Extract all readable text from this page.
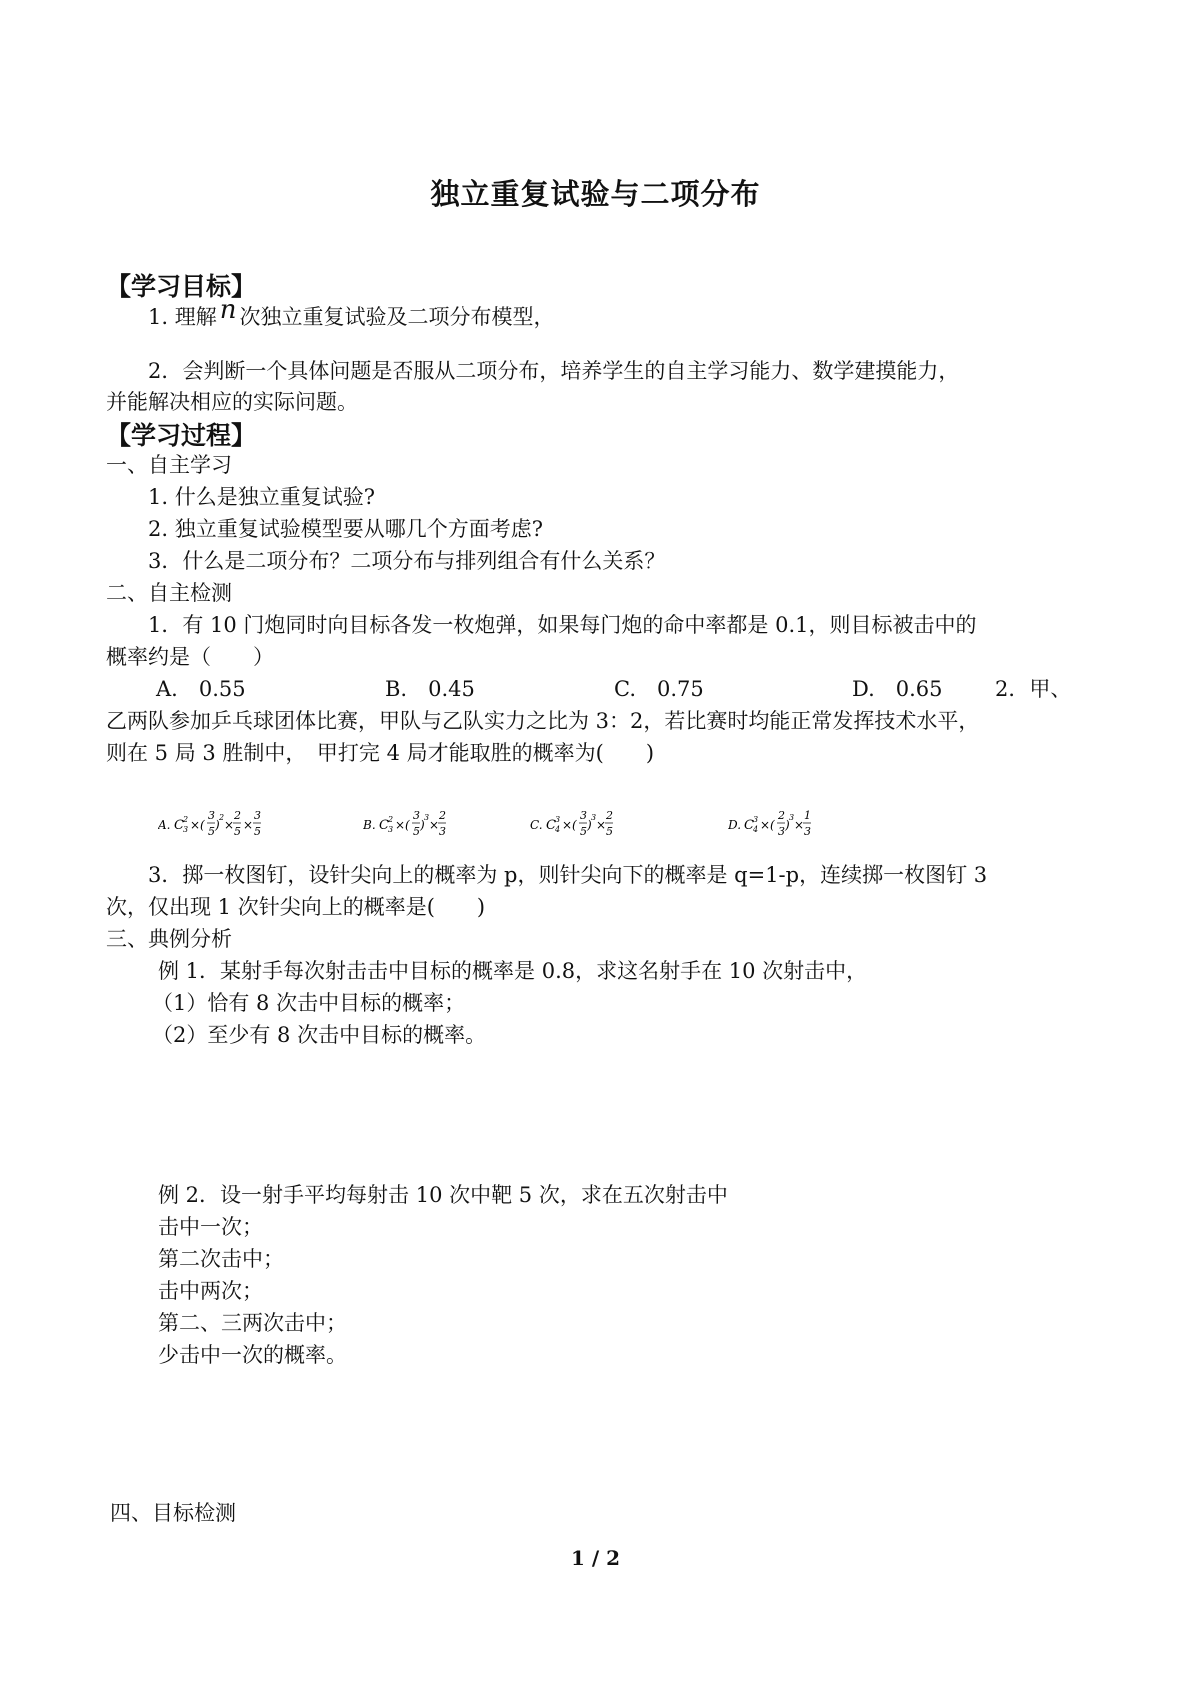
独立重复试验与二项分布
【学习目标】
1. 理解 n 次独立重复试验及二项分布模型，
2．会判断一个具体问题是否服从二项分布，培养学生的自主学习能力、数学建摸能力，
并能解决相应的实际问题。
【学习过程】
一、自主学习
1. 什么是独立重复试验?
2. 独立重复试验模型要从哪几个方面考虑?
3．什么是二项分布？二项分布与排列组合有什么关系？
二、自主检测
1．有 10 门炮同时向目标各发一枚炮弹，如果每门炮的命中率都是 0.1，则目标被击中的
概率约是（　　）
A.　0.55	B.　0.45	C.　0.75	D.　0.65 2．甲、
乙两队参加乒乓球团体比赛，甲队与乙队实力之比为 3：2，若比赛时均能正常发挥技术水平，
则在 5 局 3 胜制中，　甲打完 4 局才能取胜的概率为(　　)
A. C 2
3 ×(
3
5 )
2
×
2
5 ×
3
5	B. C 2
3 ×(
3
5 )
3
×
2
3	C. C 3
4 ×(
3
5 )
3
×
2
5	D. C 3
4 ×(
2
3 )
3
×
1
3
3．掷一枚图钉，设针尖向上的概率为 p，则针尖向下的概率是 q=1-p，连续掷一枚图钉 3
次，仅出现 1 次针尖向上的概率是(　　)
三、典例分析
例 1．某射手每次射击击中目标的概率是 0.8，求这名射手在 10 次射击中，
（1）恰有 8 次击中目标的概率；
（2）至少有 8 次击中目标的概率。
例 2．设一射手平均每射击 10 次中靶 5 次，求在五次射击中
击中一次；
第二次击中；
击中两次；
第二、三两次击中；
少击中一次的概率。
四、目标检测
1 / 2
